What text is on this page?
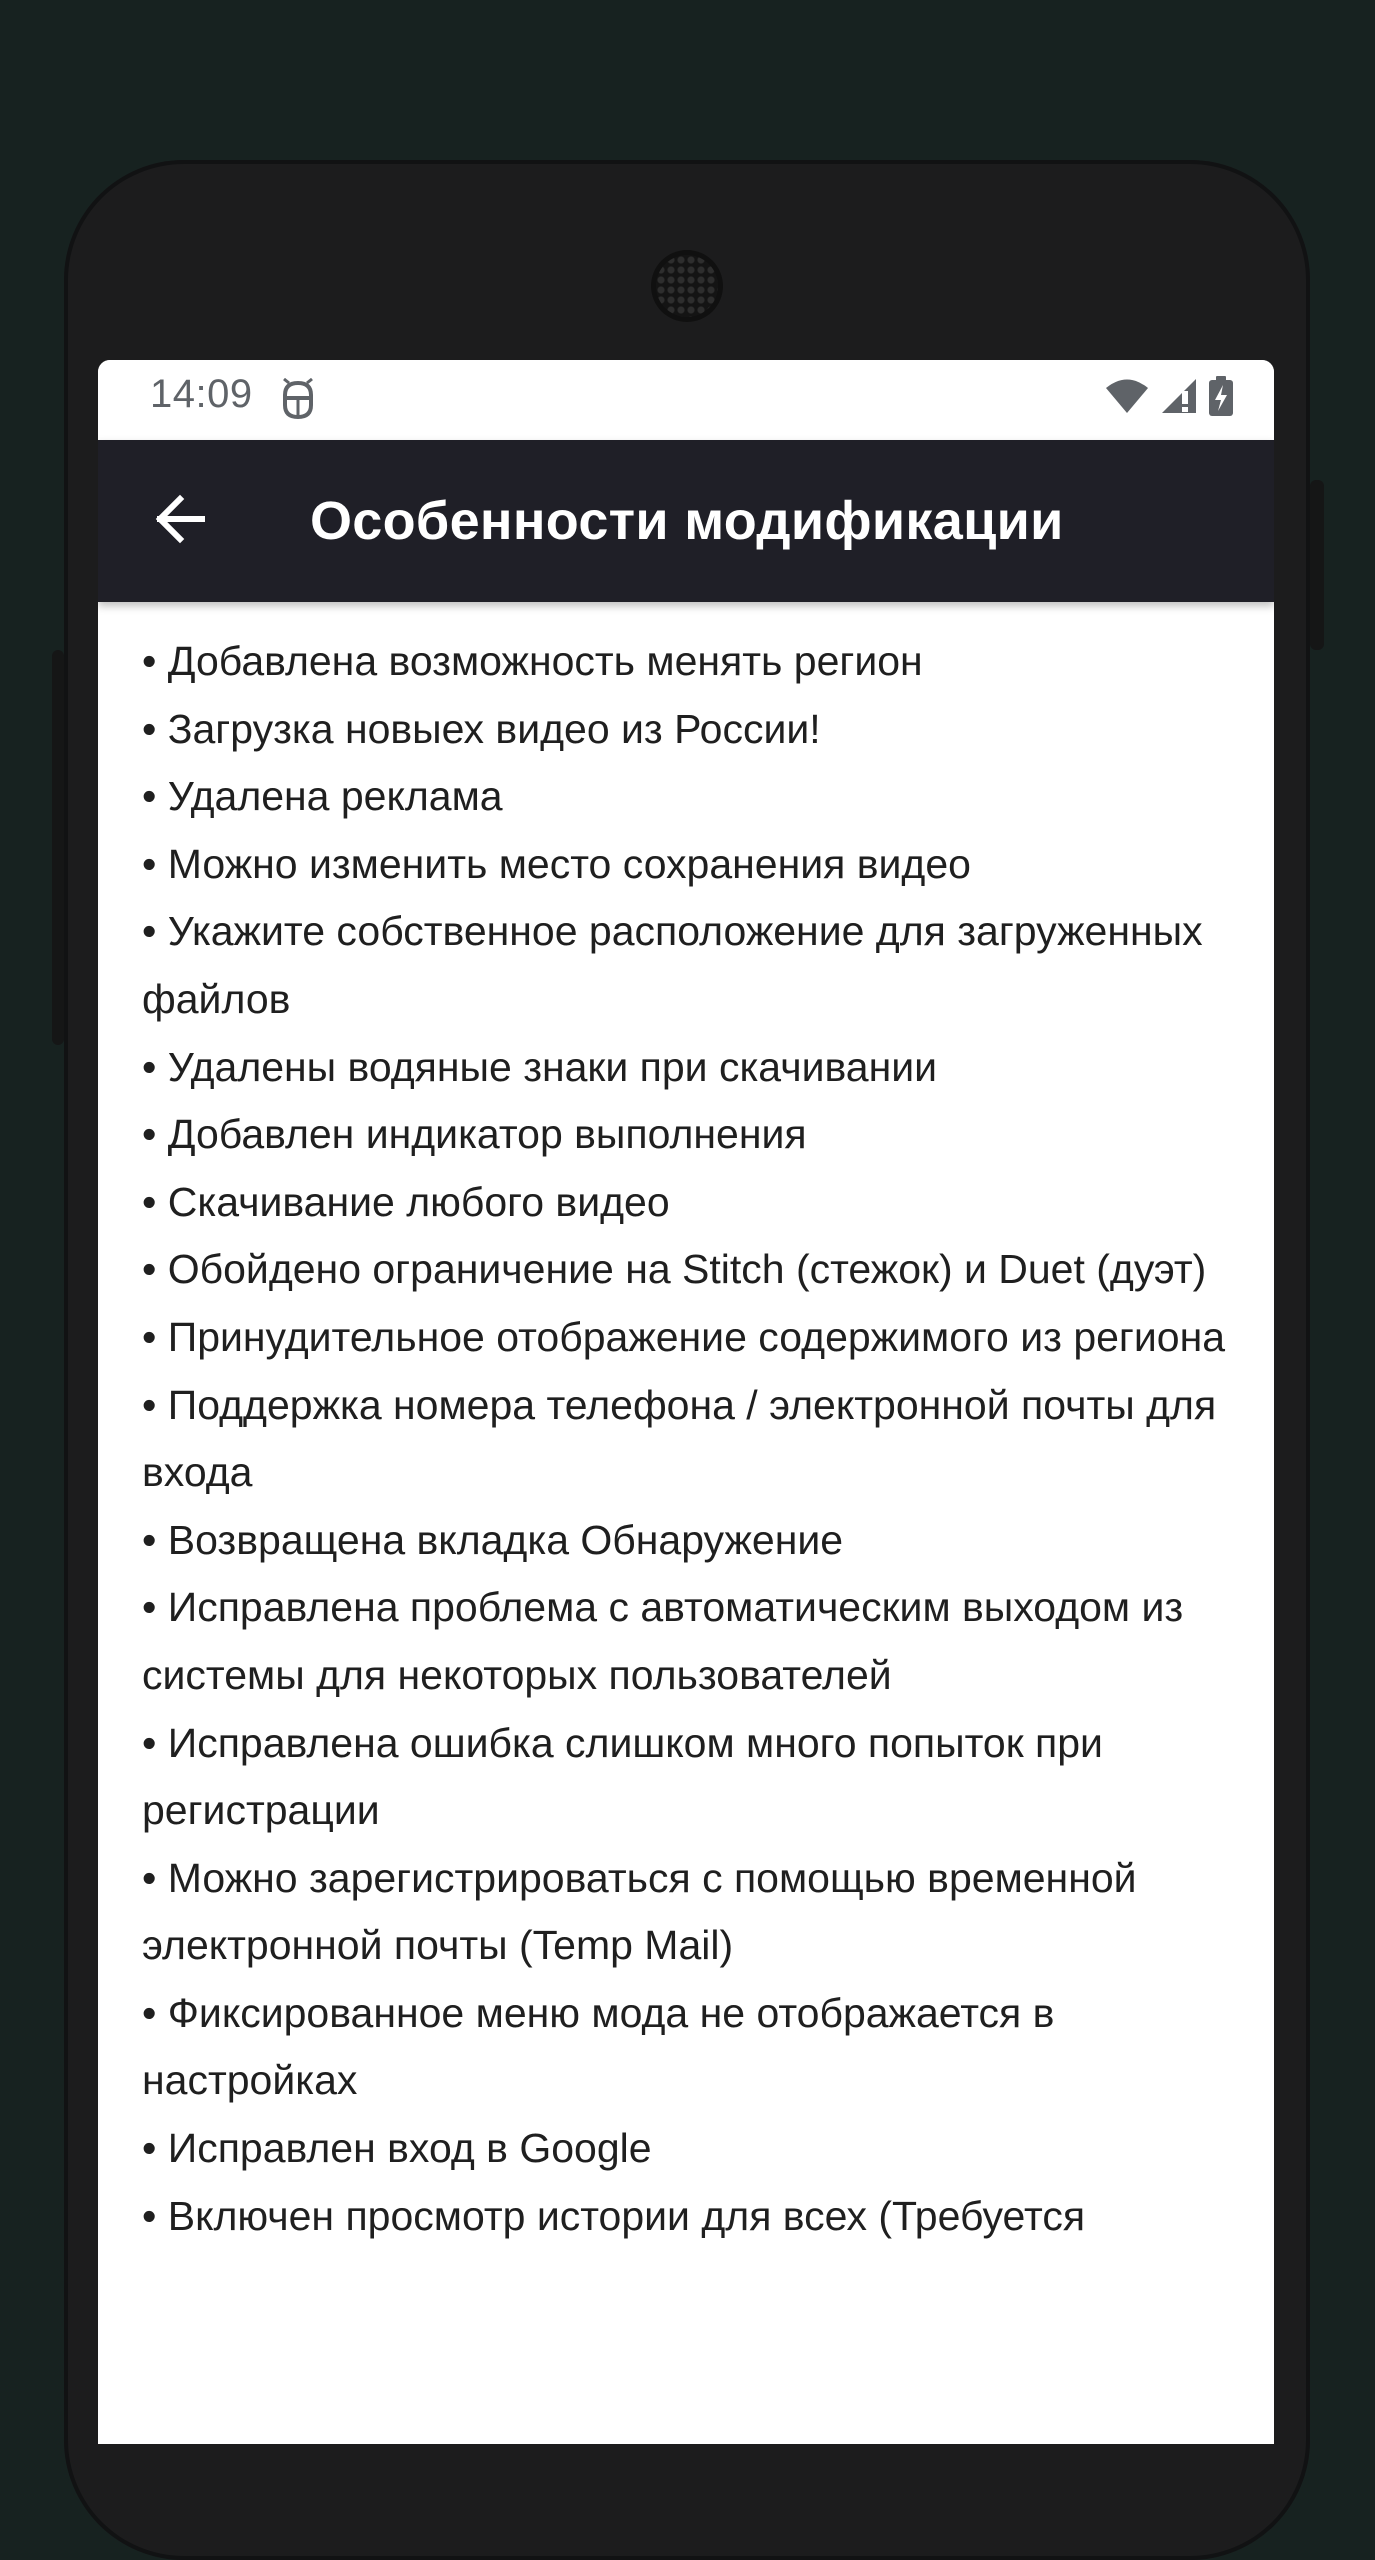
14:09
Особенности модификации

• Добавлена возможность менять регион

• Загрузка новыех видео из России!

• Удалена реклама

• Можно изменить место сохранения видео

• Укажите собственное расположение для загруженных файлов

• Удалены водяные знаки при скачивании

• Добавлен индикатор выполнения

• Скачивание любого видео

• Обойдено ограничение на Stitch (стежок) и Duet (дуэт)

• Принудительное отображение содержимого из региона

• Поддержка номера телефона / электронной почты для входа

• Возвращена вкладка Обнаружение

• Исправлена проблема с автоматическим выходом из системы для некоторых пользователей

• Исправлена ошибка слишком много попыток при регистрации

• Можно зарегистрироваться с помощью временной электронной почты (Temp Mail)

• Фиксированное меню мода не отображается в настройках

• Исправлен вход в Google

• Включен просмотр истории для всех (Требуется
